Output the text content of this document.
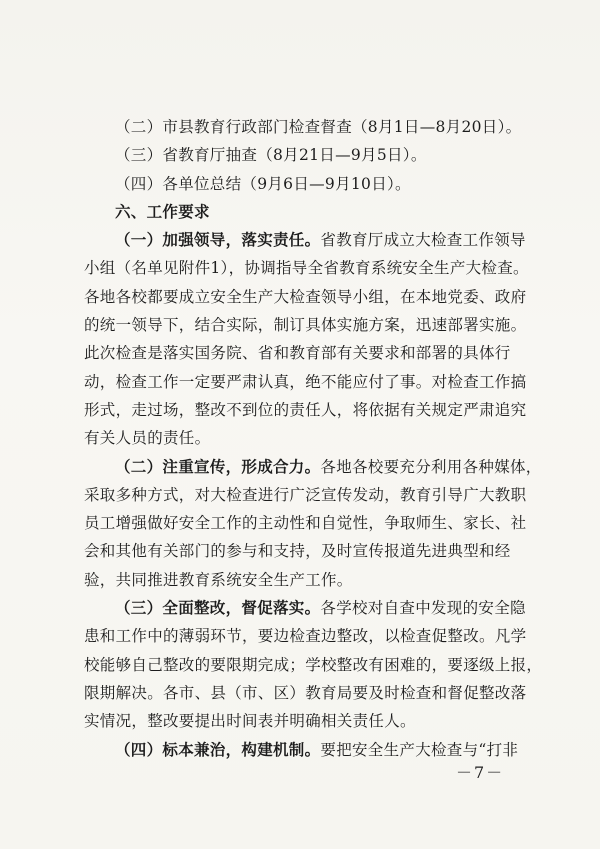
（二）市县教育行政部门检查督查（8月1日—8月20日）。
（三）省教育厅抽查（8月21日—9月5日）。
（四）各单位总结（9月6日—9月10日）。
六、工作要求
（一）加强领导，落实责任。省教育厅成立大检查工作领导
小组（名单见附件1），协调指导全省教育系统安全生产大检查。
各地各校都要成立安全生产大检查领导小组，在本地党委、政府
的统一领导下，结合实际，制订具体实施方案，迅速部署实施。
此次检查是落实国务院、省和教育部有关要求和部署的具体行
动，检查工作一定要严肃认真，绝不能应付了事。对检查工作搞
形式，走过场，整改不到位的责任人，将依据有关规定严肃追究
有关人员的责任。
（二）注重宣传，形成合力。各地各校要充分利用各种媒体，
采取多种方式，对大检查进行广泛宣传发动，教育引导广大教职
员工增强做好安全工作的主动性和自觉性，争取师生、家长、社
会和其他有关部门的参与和支持，及时宣传报道先进典型和经
验，共同推进教育系统安全生产工作。
（三）全面整改，督促落实。各学校对自查中发现的安全隐
患和工作中的薄弱环节，要边检查边整改，以检查促整改。凡学
校能够自己整改的要限期完成；学校整改有困难的，要逐级上报，
限期解决。各市、县（市、区）教育局要及时检查和督促整改落
实情况，整改要提出时间表并明确相关责任人。
（四）标本兼治，构建机制。要把安全生产大检查与“打非
－7－
